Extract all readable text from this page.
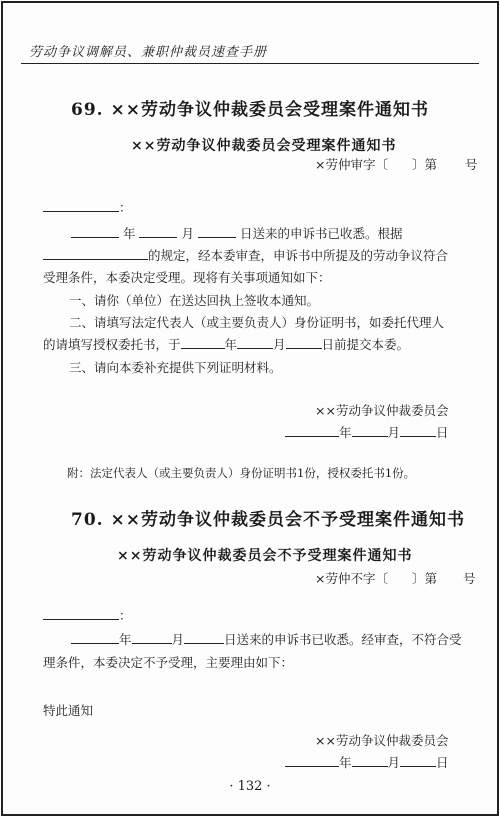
劳动争议调解员、兼职仲裁员速查手册
69. ××劳动争议仲裁委员会受理案件通知书
××劳动争议仲裁委员会受理案件通知书
×劳仲审字〔 〕第 号
：
年	月	日送来的申诉书已收悉。根据
的规定，经本委审查，申诉书中所提及的劳动争议符合
受理条件，本委决定受理。现将有关事项通知如下：
一、请你（单位）在送达回执上签收本通知。
二、请填写法定代表人（或主要负责人）身份证明书，如委托代理人
的请填写授权委托书，于	年	月	日前提交本委。
三、请向本委补充提供下列证明材料。
××劳动争议仲裁委员会
年	月	日
附：法定代表人（或主要负责人）身份证明书1份，授权委托书1份。
70. ××劳动争议仲裁委员会不予受理案件通知书
××劳动争议仲裁委员会不予受理案件通知书
×劳仲不字〔 〕第 号
：
年	月	日送来的申诉书已收悉。经审查，不符合受
理条件，本委决定不予受理，主要理由如下：
特此通知
××劳动争议仲裁委员会
年	月	日
· 132 ·
